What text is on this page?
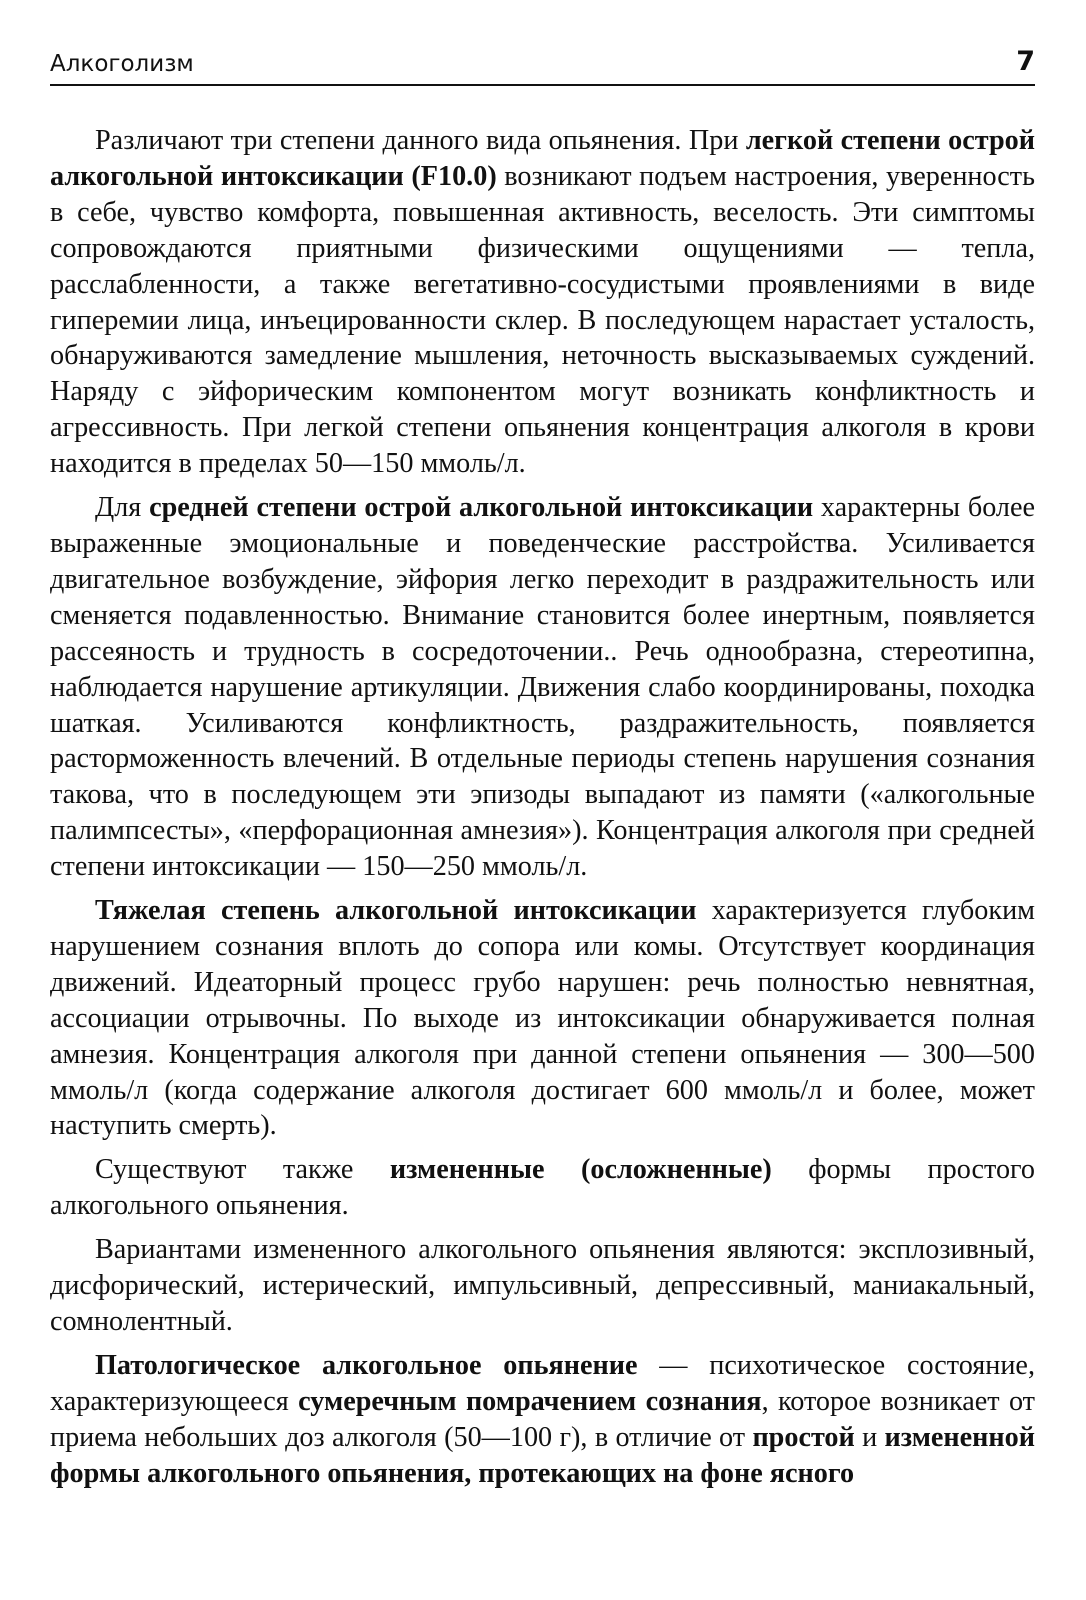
Алкоголизм	7

Различают три степени данного вида опьянения. При легкой степени острой алкогольной интоксикации (F10.0) возникают подъем настроения, уверенность в себе, чувство комфорта, повышенная активность, веселость. Эти симптомы сопровождаются приятными физическими ощущениями — тепла, расслабленности, а также вегетативно-сосудистыми проявлениями в виде гиперемии лица, инъецированности склер. В последующем нарастает усталость, обнаруживаются замедление мышления, неточность высказываемых суждений. Наряду с эйфорическим компонентом могут возникать конфликтность и агрессивность. При легкой степени опьянения концентрация алкоголя в крови находится в пределах 50—150 ммоль/л.

Для средней степени острой алкогольной интоксикации характерны более выраженные эмоциональные и поведенческие расстройства. Усиливается двигательное возбуждение, эйфория легко переходит в раздражительность или сменяется подавленностью. Внимание становится более инертным, появляется рассеяность и трудность в сосредоточении.. Речь однообразна, стереотипна, наблюдается нарушение артикуляции. Движения слабо координированы, походка шаткая. Усиливаются конфликтность, раздражительность, появляется расторможенность влечений. В отдельные периоды степень нарушения сознания такова, что в последующем эти эпизоды выпадают из памяти («алкогольные палимпсесты», «перфорационная амнезия»). Концентрация алкоголя при средней степени интоксикации — 150—250 ммоль/л.

Тяжелая степень алкогольной интоксикации характеризуется глубоким нарушением сознания вплоть до сопора или комы. Отсутствует координация движений. Идеаторный процесс грубо нарушен: речь полностью невнятная, ассоциации отрывочны. По выходе из интоксикации обнаруживается полная амнезия. Концентрация алкоголя при данной степени опьянения — 300—500 ммоль/л (когда содержание алкоголя достигает 600 ммоль/л и более, может наступить смерть).

Существуют также измененные (осложненные) формы простого алкогольного опьянения.

Вариантами измененного алкогольного опьянения являются: эксплозивный, дисфорический, истерический, импульсивный, депрессивный, маниакальный, сомнолентный.

Патологическое алкогольное опьянение — психотическое состояние, характеризующееся сумеречным помрачением сознания, которое возникает от приема небольших доз алкоголя (50—100 г), в отличие от простой и измененной формы алкогольного опьянения, протекающих на фоне ясного
